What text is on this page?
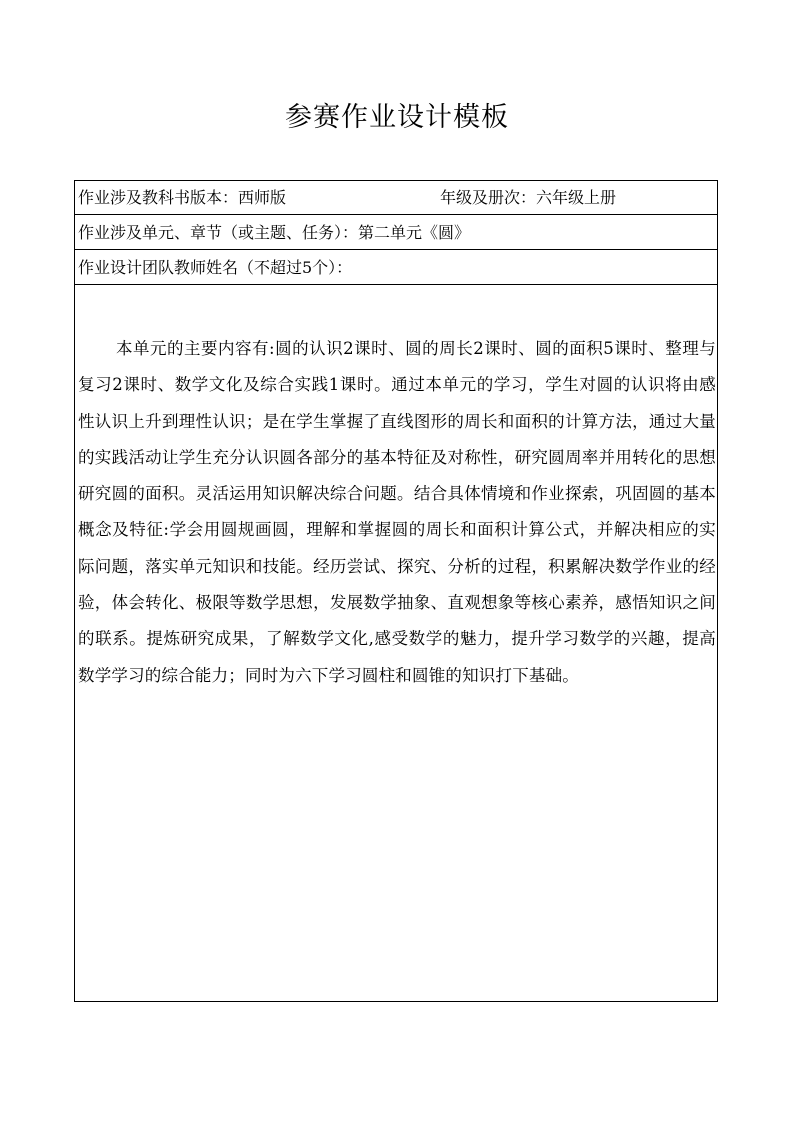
参赛作业设计模板
作业涉及教科书版本：西师版	年级及册次：六年级上册
作业涉及单元、章节（或主题、任务）：第二单元《圆》
作业设计团队教师姓名（不超过5个）：
本单元的主要内容有:圆的认识2课时、圆的周长2课时、圆的面积5课时、整理与复习2课时、数学文化及综合实践1课时。通过本单元的学习，学生对圆的认识将由感性认识上升到理性认识；是在学生掌握了直线图形的周长和面积的计算方法，通过大量的实践活动让学生充分认识圆各部分的基本特征及对称性，研究圆周率并用转化的思想研究圆的面积。灵活运用知识解决综合问题。结合具体情境和作业探索，巩固圆的基本概念及特征:学会用圆规画圆，理解和掌握圆的周长和面积计算公式，并解决相应的实际问题，落实单元知识和技能。经历尝试、探究、分析的过程，积累解决数学作业的经验，体会转化、极限等数学思想，发展数学抽象、直观想象等核心素养，感悟知识之间的联系。提炼研究成果，了解数学文化,感受数学的魅力，提升学习数学的兴趣，提高数学学习的综合能力；同时为六下学习圆柱和圆锥的知识打下基础。
